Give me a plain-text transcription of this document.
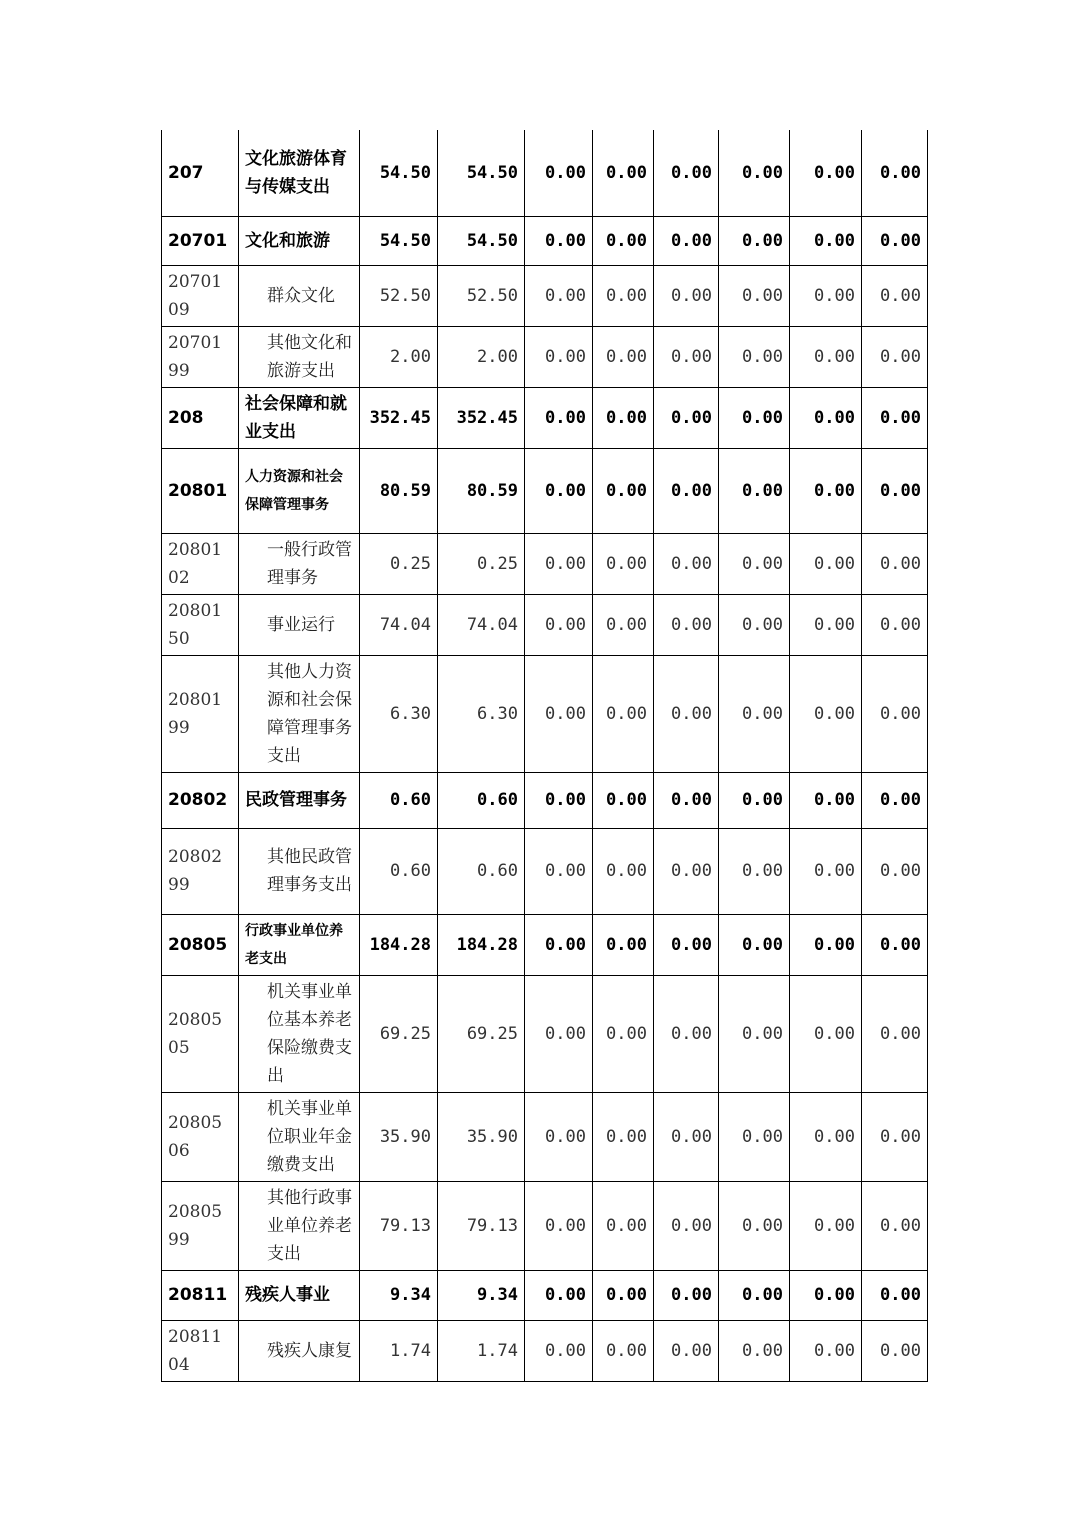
207	文化旅游体育与传媒支出	54.50	54.50	0.00	0.00	0.00	0.00	0.00	0.00
20701	文化和旅游	54.50	54.50	0.00	0.00	0.00	0.00	0.00	0.00
2070109	群众文化	52.50	52.50	0.00	0.00	0.00	0.00	0.00	0.00
2070199	其他文化和旅游支出	2.00	2.00	0.00	0.00	0.00	0.00	0.00	0.00
208	社会保障和就业支出	352.45	352.45	0.00	0.00	0.00	0.00	0.00	0.00
20801	人力资源和社会保障管理事务	80.59	80.59	0.00	0.00	0.00	0.00	0.00	0.00
2080102	一般行政管理事务	0.25	0.25	0.00	0.00	0.00	0.00	0.00	0.00
2080150	事业运行	74.04	74.04	0.00	0.00	0.00	0.00	0.00	0.00
2080199	其他人力资源和社会保障管理事务支出	6.30	6.30	0.00	0.00	0.00	0.00	0.00	0.00
20802	民政管理事务	0.60	0.60	0.00	0.00	0.00	0.00	0.00	0.00
2080299	其他民政管理事务支出	0.60	0.60	0.00	0.00	0.00	0.00	0.00	0.00
20805	行政事业单位养老支出	184.28	184.28	0.00	0.00	0.00	0.00	0.00	0.00
2080505	机关事业单位基本养老保险缴费支出	69.25	69.25	0.00	0.00	0.00	0.00	0.00	0.00
2080506	机关事业单位职业年金缴费支出	35.90	35.90	0.00	0.00	0.00	0.00	0.00	0.00
2080599	其他行政事业单位养老支出	79.13	79.13	0.00	0.00	0.00	0.00	0.00	0.00
20811	残疾人事业	9.34	9.34	0.00	0.00	0.00	0.00	0.00	0.00
2081104	残疾人康复	1.74	1.74	0.00	0.00	0.00	0.00	0.00	0.00
